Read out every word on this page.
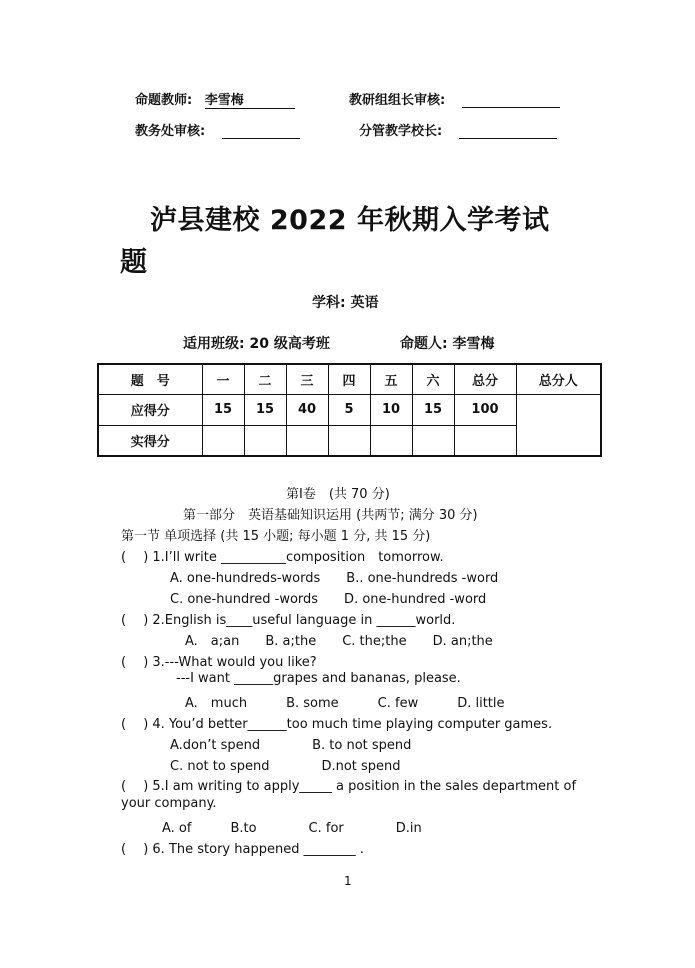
命题教师: 李雪梅	教研组组长审核:
教务处审核:	分管教学校长:
泸县建校 2022 年秋期入学考试
题
学科: 英语
适用班级: 20 级高考班	命题人: 李雪梅
题　号	一	二	三	四	五	六	总分	总分人
应得分	15	15	40	5	10	15	100	
实得分								
第Ⅰ卷　(共 70 分)
第一部分　英语基础知识运用 (共两节; 满分 30 分)
第一节 单项选择 (共 15 小题; 每小题 1 分, 共 15 分)
(　 ) 1.I’ll write __________composition　tomorrow.
A. one-hundreds-words　　B.. one-hundreds -word
C. one-hundred -words　　D. one-hundred -word
(　 ) 2.English is____useful language in ______world.
A.　a;an　　B. a;the　　C. the;the　　D. an;the
(　 ) 3.---What would you like?
---I want ______grapes and bananas, please.
A.　much　　　B. some　　　C. few　　　D. little
(　 ) 4. You’d better______too much time playing computer games.
A.don’t spend　　　　B. to not spend
C. not to spend　　　　D.not spend
(　 ) 5.I am writing to apply_____ a position in the sales department of
your company.
A. of　　　B.to　　　　C. for　　　　D.in
(　 ) 6. The story happened ________ .
1
